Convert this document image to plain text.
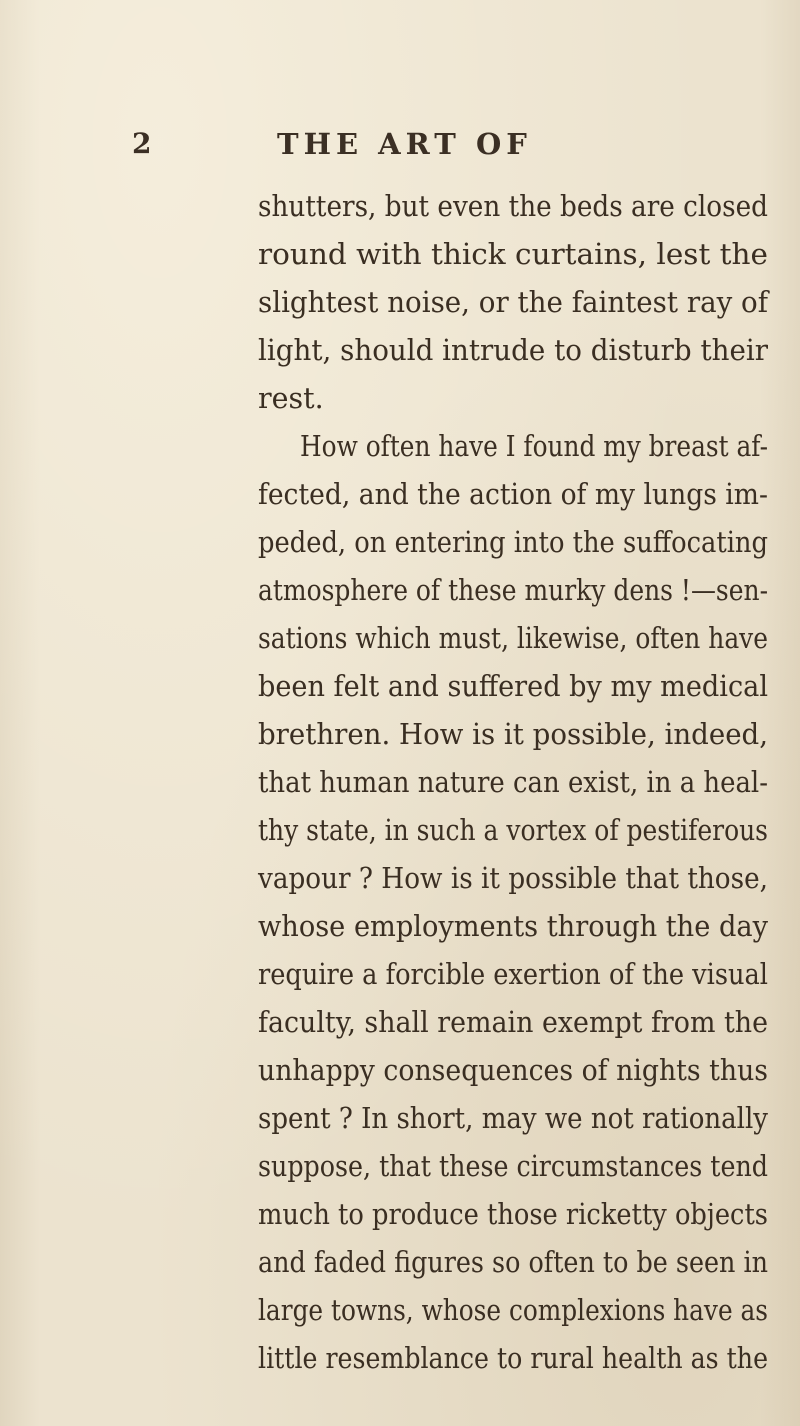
2	THE ART OF
shutters, but even the beds are closed
round with thick curtains, lest the
slightest noise, or the faintest ray of
light, should intrude to disturb their
rest.
How often have I found my breast af-
fected, and the action of my lungs im-
peded, on entering into the suffocating
atmosphere of these murky dens !—sen-
sations which must, likewise, often have
been felt and suffered by my medical
brethren. How is it possible, indeed,
that human nature can exist, in a heal-
thy state, in such a vortex of pestiferous
vapour ? How is it possible that those,
whose employments through the day
require a forcible exertion of the visual
faculty, shall remain exempt from the
unhappy consequences of nights thus
spent ? In short, may we not rationally
suppose, that these circumstances tend
much to produce those ricketty objects
and faded figures so often to be seen in
large towns, whose complexions have as
little resemblance to rural health as the
